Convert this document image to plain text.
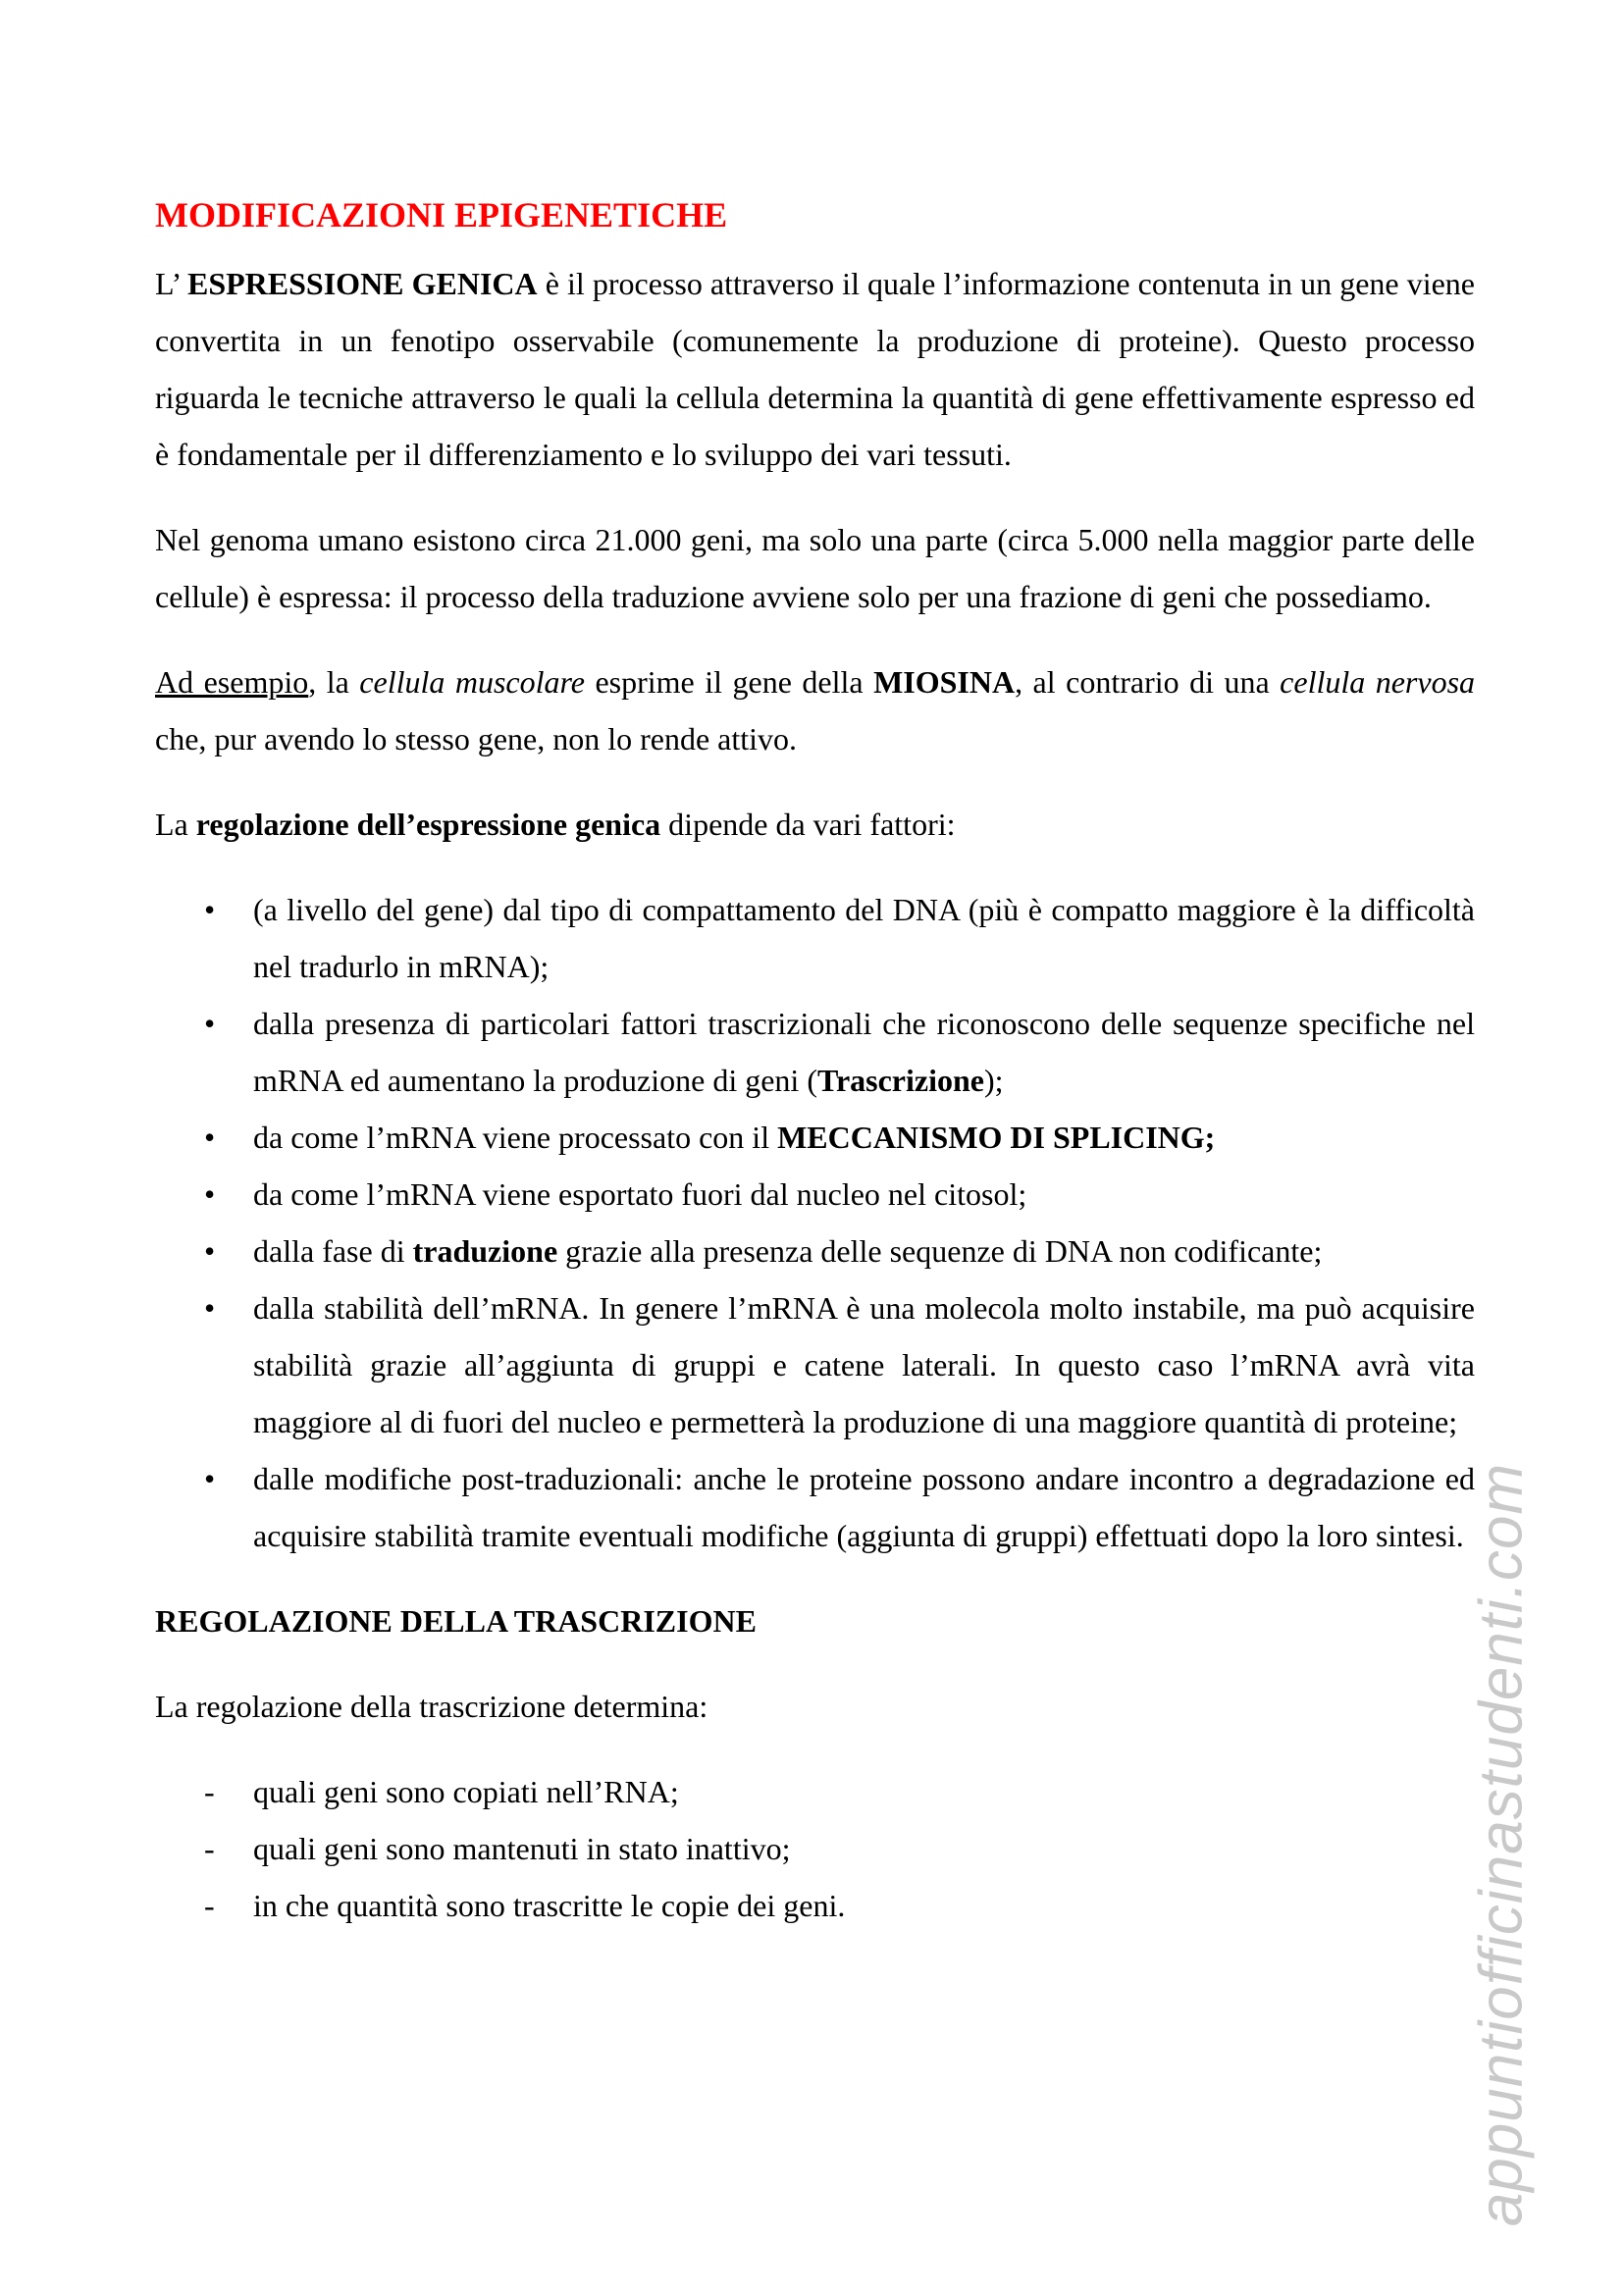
MODIFICAZIONI EPIGENETICHE

L’ ESPRESSIONE GENICA è il processo attraverso il quale l’informazione contenuta in un gene viene convertita in un fenotipo osservabile (comunemente la produzione di proteine). Questo processo riguarda le tecniche attraverso le quali la cellula determina la quantità di gene effettivamente espresso ed è fondamentale per il differenziamento e lo sviluppo dei vari tessuti.

Nel genoma umano esistono circa 21.000 geni, ma solo una parte (circa 5.000 nella maggior parte delle cellule) è espressa: il processo della traduzione avviene solo per una frazione di geni che possediamo.

Ad esempio, la cellula muscolare esprime il gene della MIOSINA, al contrario di una cellula nervosa che, pur avendo lo stesso gene, non lo rende attivo.

La regolazione dell’espressione genica dipende da vari fattori:

•	(a livello del gene) dal tipo di compattamento del DNA (più è compatto maggiore è la difficoltà nel tradurlo in mRNA);
•	dalla presenza di particolari fattori trascrizionali che riconoscono delle sequenze specifiche nel mRNA ed aumentano la produzione di geni (Trascrizione);
•	da come l’mRNA viene processato con il MECCANISMO DI SPLICING;
•	da come l’mRNA viene esportato fuori dal nucleo nel citosol;
•	dalla fase di traduzione grazie alla presenza delle sequenze di DNA non codificante;
•	dalla stabilità dell’mRNA. In genere l’mRNA è una molecola molto instabile, ma può acquisire stabilità grazie all’aggiunta di gruppi e catene laterali. In questo caso l’mRNA avrà vita maggiore al di fuori del nucleo e permetterà la produzione di una maggiore quantità di proteine;
•	dalle modifiche post-traduzionali: anche le proteine possono andare incontro a degradazione ed acquisire stabilità tramite eventuali modifiche (aggiunta di gruppi) effettuati dopo la loro sintesi.
REGOLAZIONE DELLA TRASCRIZIONE

La regolazione della trascrizione determina:

-	quali geni sono copiati nell’RNA;
-	quali geni sono mantenuti in stato inattivo;
-	in che quantità sono trascritte le copie dei geni.	appuntiofficinastudenti.com
